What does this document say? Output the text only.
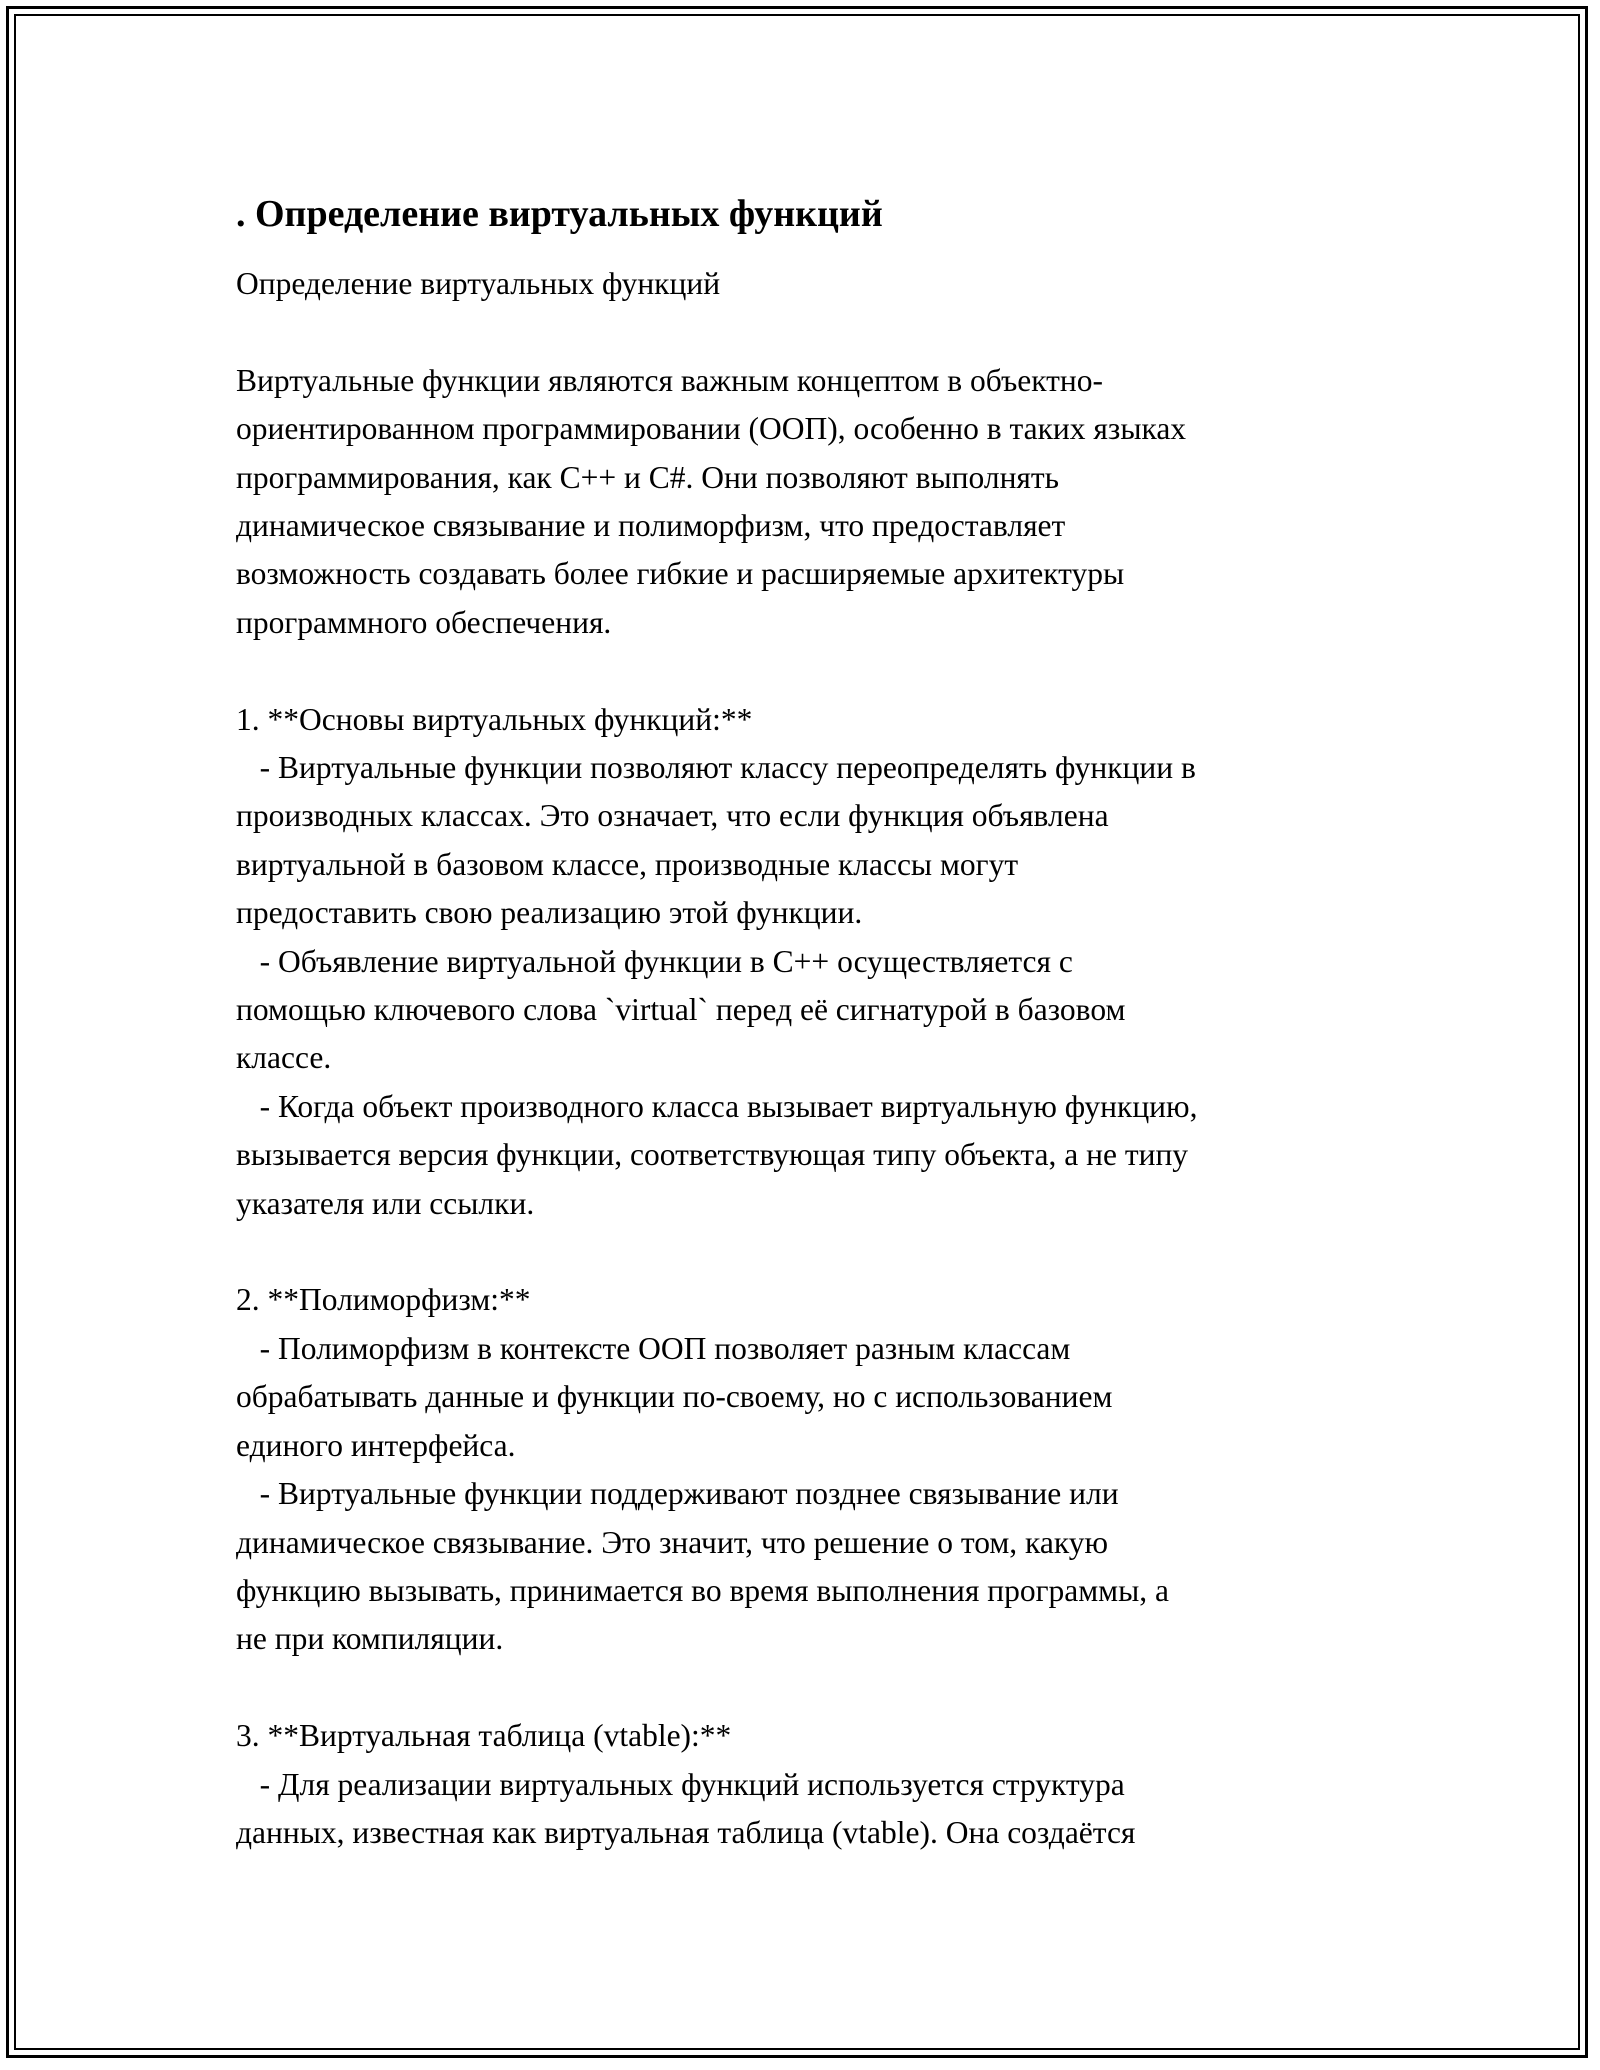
. Определение виртуальных функций

Определение виртуальных функций

Виртуальные функции являются важным концептом в объектно-

ориентированном программировании (ООП), особенно в таких языках

программирования, как C++ и C#. Они позволяют выполнять

динамическое связывание и полиморфизм, что предоставляет

возможность создавать более гибкие и расширяемые архитектуры

программного обеспечения.

1. **Основы виртуальных функций:**

- Виртуальные функции позволяют классу переопределять функции в

производных классах. Это означает, что если функция объявлена

виртуальной в базовом классе, производные классы могут

предоставить свою реализацию этой функции.

- Объявление виртуальной функции в C++ осуществляется с

помощью ключевого слова `virtual` перед её сигнатурой в базовом

классе.

- Когда объект производного класса вызывает виртуальную функцию,

вызывается версия функции, соответствующая типу объекта, а не типу

указателя или ссылки.

2. **Полиморфизм:**

- Полиморфизм в контексте ООП позволяет разным классам

обрабатывать данные и функции по-своему, но с использованием

единого интерфейса.

- Виртуальные функции поддерживают позднее связывание или

динамическое связывание. Это значит, что решение о том, какую

функцию вызывать, принимается во время выполнения программы, а

не при компиляции.

3. **Виртуальная таблица (vtable):**

- Для реализации виртуальных функций используется структура

данных, известная как виртуальная таблица (vtable). Она создаётся
